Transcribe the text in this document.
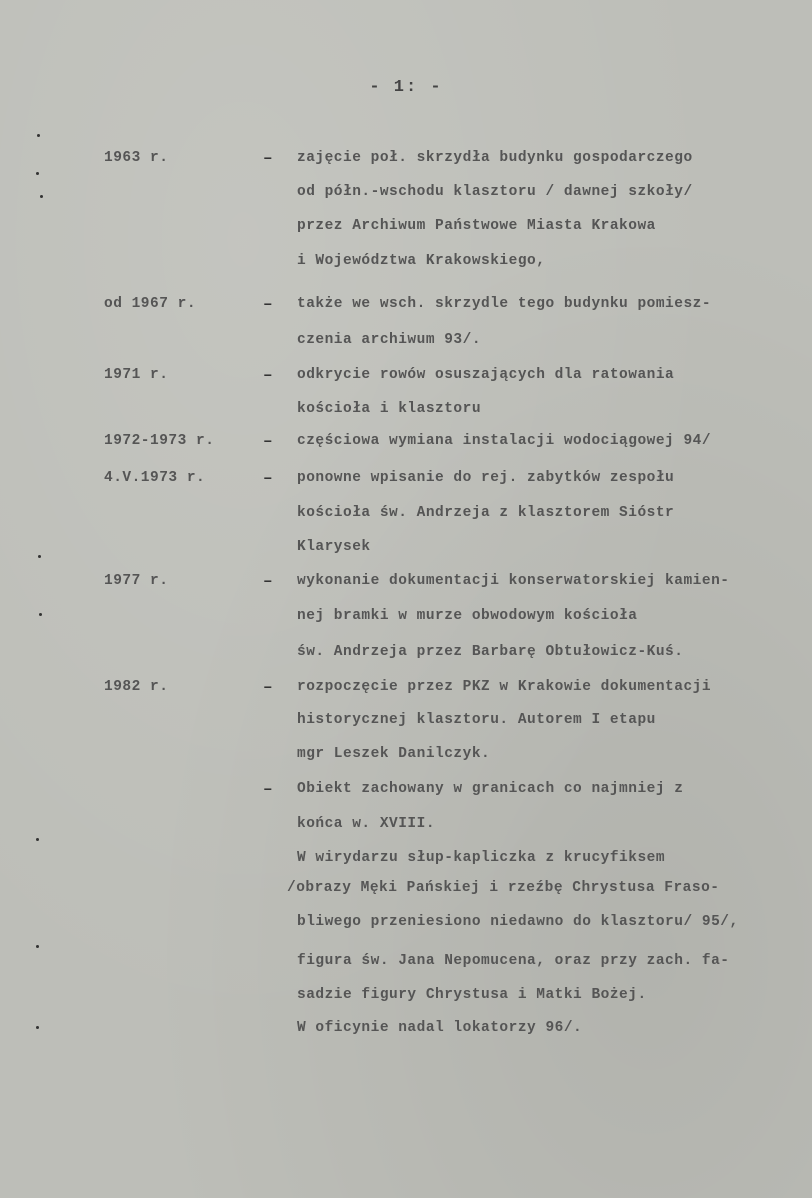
- 1: -
1963 r.	– zajęcie poł. skrzydła budynku gospodarczego
od półn.-wschodu klasztoru / dawnej szkoły/
przez Archiwum Państwowe Miasta Krakowa
i Województwa Krakowskiego,
od 1967 r.	– także we wsch. skrzydle tego budynku pomiesz-
czenia archiwum 93/.
1971 r.	– odkrycie rowów osuszających dla ratowania
kościoła i klasztoru
1972-1973 r.	– częściowa wymiana instalacji wodociągowej 94/
4.V.1973 r.	– ponowne wpisanie do rej. zabytków zespołu
kościoła św. Andrzeja z klasztorem Sióstr
Klarysek
1977 r.	– wykonanie dokumentacji konserwatorskiej kamien-
nej bramki w murze obwodowym kościoła
św. Andrzeja przez Barbarę Obtułowicz-Kuś.
1982 r.	– rozpoczęcie przez PKZ w Krakowie dokumentacji
historycznej klasztoru. Autorem I etapu
mgr Leszek Danilczyk.
– Obiekt zachowany w granicach co najmniej z
końca w. XVIII.
W wirydarzu słup-kapliczka z krucyfiksem
/obrazy Męki Pańskiej i rzeźbę Chrystusa Fraso-
bliwego przeniesiono niedawno do klasztoru/ 95/,
figura św. Jana Nepomucena, oraz przy zach. fa-
sadzie figury Chrystusa i Matki Bożej.
W oficynie nadal lokatorzy 96/.
